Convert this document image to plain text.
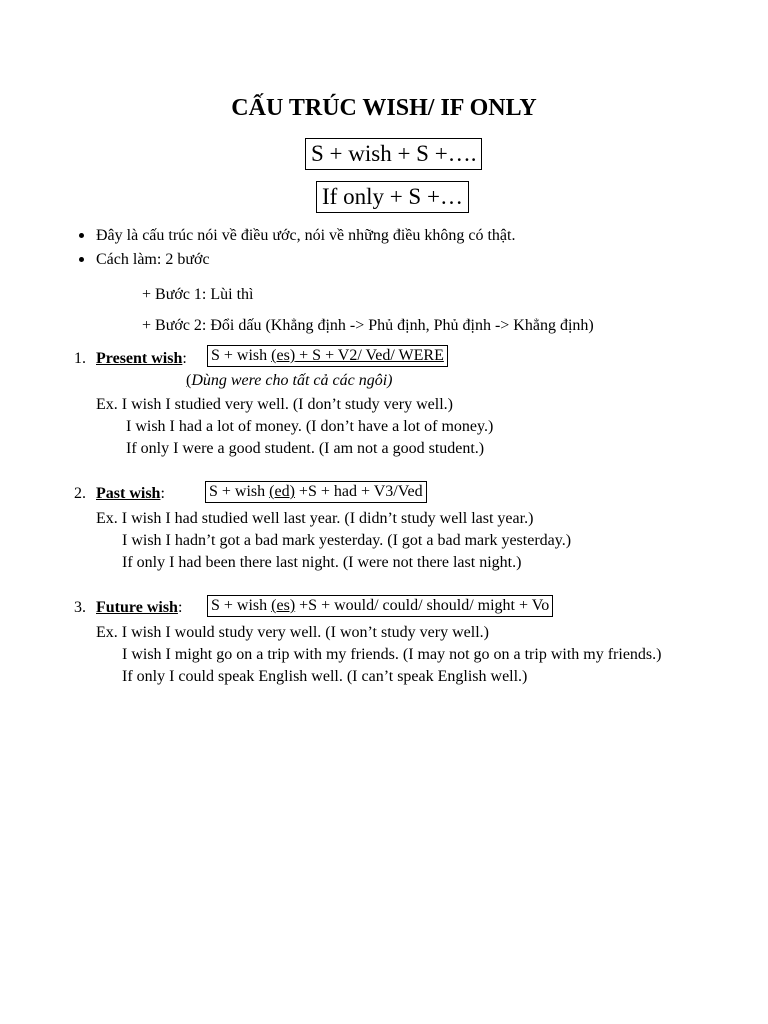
CẤU TRÚC WISH/ IF ONLY
S + wish + S +….
If only + S +…
Đây là cấu trúc nói về điều ước, nói về những điều không có thật.
Cách làm: 2 bước
+ Bước 1: Lùi thì
+ Bước 2: Đổi dấu (Khẳng định -> Phủ định, Phủ định -> Khẳng định)
1. Present wish: S + wish (es) + S + V2/ Ved/ WERE
(Dùng were cho tất cả các ngôi)
Ex. I wish I studied very well. (I don’t study very well.)
I wish I had a lot of money. (I don’t have a lot of money.)
If only I were a good student. (I am not a good student.)
2. Past wish:	S + wish (ed) +S + had + V3/Ved
Ex. I wish I had studied well last year. (I didn’t study well last year.)
I wish I hadn’t got a bad mark yesterday. (I got a bad mark yesterday.)
If only I had been there last night. (I were not there last night.)
3. Future wish: S + wish (es) +S + would/ could/ should/ might + Vo
Ex. I wish I would study very well. (I won’t study very well.)
I wish I might go on a trip with my friends. (I may not go on a trip with my friends.)
If only I could speak English well. (I can’t speak English well.)
